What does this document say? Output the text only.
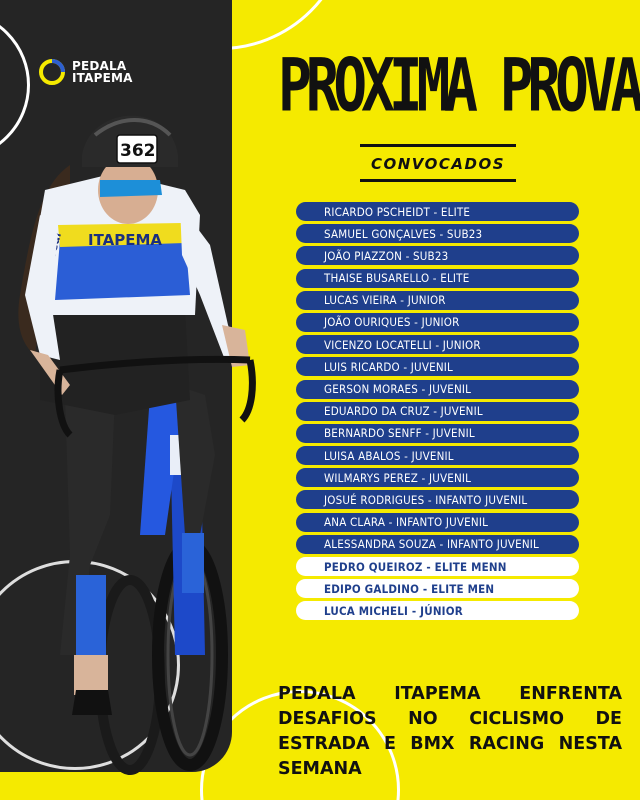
PEDALA
ITAPEMA
ITAPEMA
362
PROXIMA PROVA
CONVOCADOS
RICARDO PSCHEIDT - ELITE
SAMUEL GONÇALVES - SUB23
JOÃO PIAZZON - SUB23
THAISE BUSARELLO - ELITE
LUCAS VIEIRA - JUNIOR
JOÃO OURIQUES - JUNIOR
VICENZO LOCATELLI - JUNIOR
LUIS RICARDO - JUVENIL
GERSON MORAES - JUVENIL
EDUARDO DA CRUZ - JUVENIL
BERNARDO SENFF - JUVENIL
LUISA ABALOS - JUVENIL
WILMARYS PEREZ - JUVENIL
JOSUÉ RODRIGUES - INFANTO JUVENIL
ANA CLARA - INFANTO JUVENIL
ALESSANDRA SOUZA - INFANTO JUVENIL
PEDRO QUEIROZ - ELITE MENN
EDIPO GALDINO - ELITE MEN
LUCA MICHELI - JÚNIOR
PEDALA ITAPEMA ENFRENTA DESAFIOS NO CICLISMO DE ESTRADA E BMX RACING NESTA SEMANA
